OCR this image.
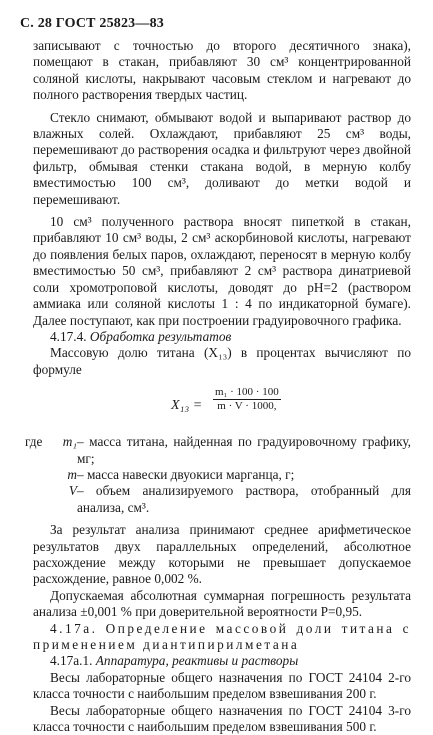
С. 28 ГОСТ 25823—83

записывают с точностью до второго десятичного знака), помещают в стакан, прибавляют 30 см³ концентрированной соляной кислоты, накрывают часовым стеклом и нагревают до полного растворения твердых частиц.

Стекло снимают, обмывают водой и выпаривают раствор до влажных солей. Охлаждают, прибавляют 25 см³ воды, перемешивают до растворения осадка и фильтруют через двойной фильтр, обмывая стенки стакана водой, в мерную колбу вместимостью 100 см³, доливают до метки водой и перемешивают.

10 см³ полученного раствора вносят пипеткой в стакан, прибавляют 10 см³ воды, 2 см³ аскорбиновой кислоты, нагревают до появления белых паров, охлаждают, переносят в мерную колбу вместимостью 50 см³, прибавляют 2 см³ раствора динатриевой соли хромотроповой кислоты, доводят до рН=2 (раствором аммиака или соляной кислоты 1 : 4 по индикаторной бумаге). Далее поступают, как при построении градуировочного графика.

4.17.4. Обработка результатов

Массовую долю титана (X₁₃) в процентах вычисляют по формуле

$X_{13} = \frac{\text{m₁ · 100 · 100}}{m \cdot V \cdot 1000,}$
где	m₁ – масса титана, найденная по градуировочному графику, мг;
m – масса навески двуокиси марганца, г;
V – объем анализируемого раствора, отобранный для анализа, см³.

За результат анализа принимают среднее арифметическое результатов двух параллельных определений, абсолютное расхождение между которыми не превышает допускаемое расхождение, равное 0,002 %.

Допускаемая абсолютная суммарная погрешность результата анализа ±0,001 % при доверительной вероятности P=0,95.

4.17а. Определение массовой доли титана с применением диантипирилметана

4.17а.1. Аппаратура, реактивы и растворы

Весы лабораторные общего назначения по ГОСТ 24104 2-го класса точности с наибольшим пределом взвешивания 200 г.

Весы лабораторные общего назначения по ГОСТ 24104 3-го класса точности с наибольшим пределом взвешивания 500 г.
